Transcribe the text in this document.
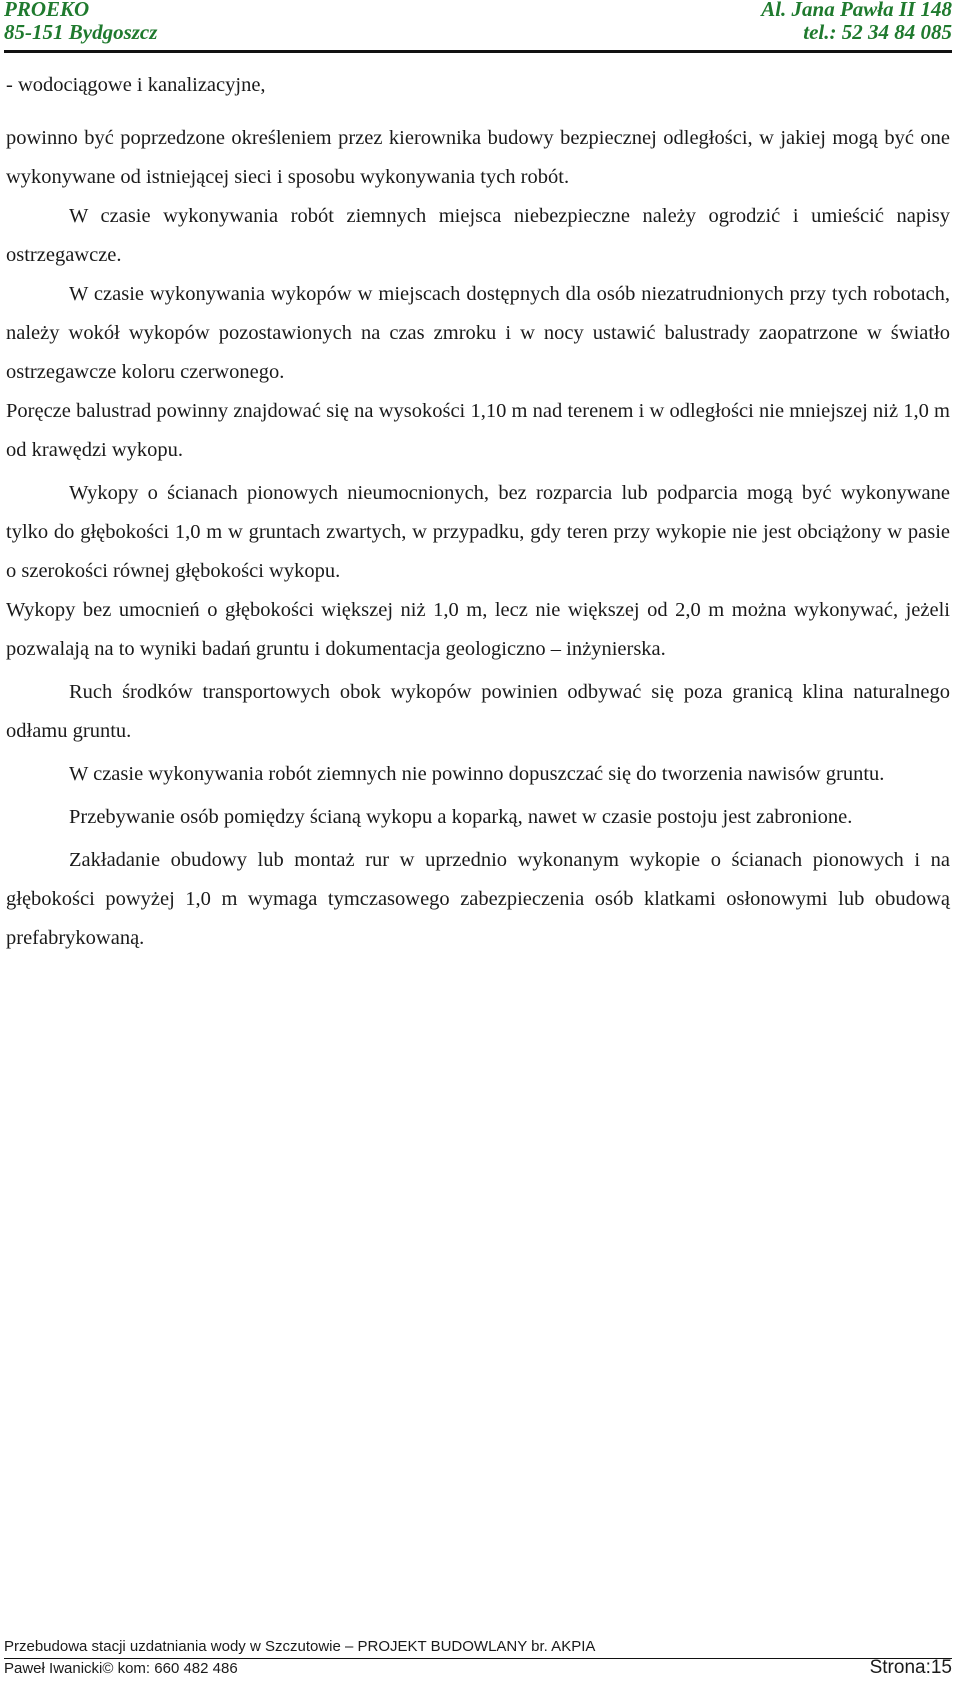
PROEKO	Al. Jana Pawła II 148
85-151 Bydgoszcz	tel.: 52 34 84 085

- wodociągowe i kanalizacyjne,

powinno być poprzedzone określeniem przez kierownika budowy bezpiecznej odległości, w jakiej mogą być one wykonywane od istniejącej sieci i sposobu wykonywania tych robót.

W czasie wykonywania robót ziemnych miejsca niebezpieczne należy ogrodzić i umieścić napisy ostrzegawcze.

W czasie wykonywania wykopów w miejscach dostępnych dla osób niezatrudnionych przy tych robotach, należy wokół wykopów pozostawionych na czas zmroku i w nocy ustawić balustrady zaopatrzone w światło ostrzegawcze koloru czerwonego.

Poręcze balustrad powinny znajdować się na wysokości 1,10 m nad terenem i w odległości nie mniejszej niż 1,0 m od krawędzi wykopu.

Wykopy o ścianach pionowych nieumocnionych, bez rozparcia lub podparcia mogą być wykonywane tylko do głębokości 1,0 m w gruntach zwartych, w przypadku, gdy teren przy wykopie nie jest obciążony w pasie o szerokości równej głębokości wykopu.

Wykopy bez umocnień o głębokości większej niż 1,0 m, lecz nie większej od 2,0 m można wykonywać, jeżeli pozwalają na to wyniki badań gruntu i dokumentacja geologiczno – inżynierska.

Ruch środków transportowych obok wykopów powinien odbywać się poza granicą klina naturalnego odłamu gruntu.

W czasie wykonywania robót ziemnych nie powinno dopuszczać się do tworzenia nawisów gruntu.

Przebywanie osób pomiędzy ścianą wykopu a koparką, nawet w czasie postoju jest zabronione.

Zakładanie obudowy lub montaż rur w uprzednio wykonanym wykopie o ścianach pionowych i na głębokości powyżej 1,0 m wymaga tymczasowego zabezpieczenia osób klatkami osłonowymi lub obudową prefabrykowaną.

Przebudowa stacji uzdatniania wody w Szczutowie – PROJEKT BUDOWLANY br. AKPIA
Paweł Iwanicki© kom: 660 482 486	Strona:15
